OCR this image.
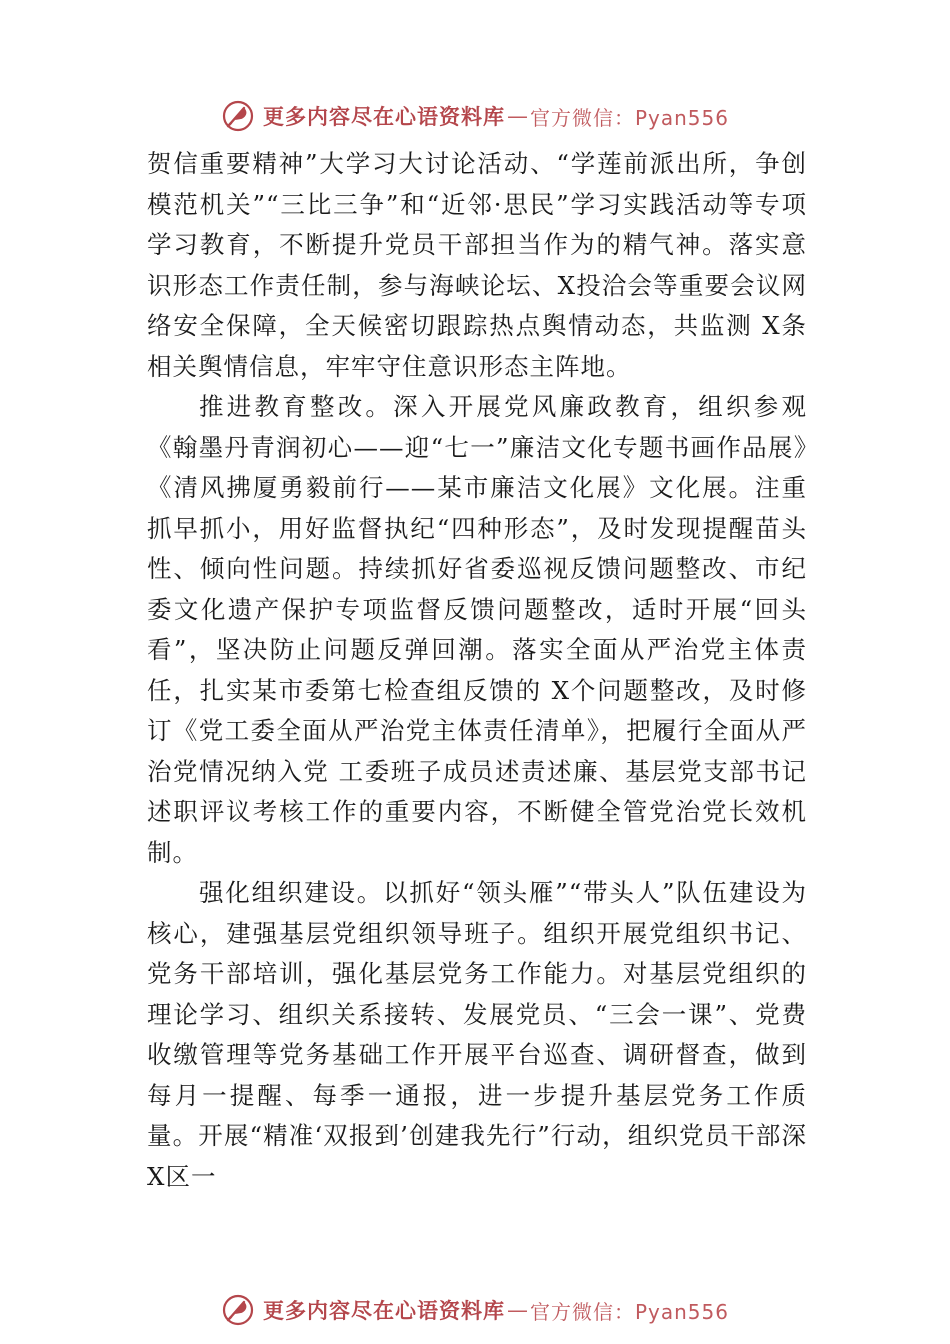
更多内容尽在心语资料库 — 官方微信：Pyan556

贺信重要精神”大学习大讨论活动、“学莲前派出所，争创模范机关”“三比三争”和“近邻·思民”学习实践活动等专项学习教育，不断提升党员干部担当作为的精气神。落实意识形态工作责任制，参与海峡论坛、X投洽会等重要会议网络安全保障，全天候密切跟踪热点舆情动态，共监测 X条相关舆情信息，牢牢守住意识形态主阵地。

推进教育整改。深入开展党风廉政教育，组织参观《翰墨丹青润初心——迎“七一”廉洁文化专题书画作品展》《清风拂厦勇毅前行——某市廉洁文化展》文化展。注重抓早抓小，用好监督执纪“四种形态”，及时发现提醒苗头性、倾向性问题。持续抓好省委巡视反馈问题整改、市纪委文化遗产保护专项监督反馈问题整改，适时开展“回头看”，坚决防止问题反弹回潮。落实全面从严治党主体责任，扎实某市委第七检查组反馈的 X个问题整改，及时修订《党工委全面从严治党主体责任清单》，把履行全面从严治党情况纳入党 工委班子成员述责述廉、基层党支部书记述职评议考核工作的重要内容，不断健全管党治党长效机制。

强化组织建设。以抓好“领头雁”“带头人”队伍建设为核心，建强基层党组织领导班子。组织开展党组织书记、党务干部培训，强化基层党务工作能力。对基层党组织的理论学习、组织关系接转、发展党员、“三会一课”、党费收缴管理等党务基础工作开展平台巡查、调研督查，做到每月一提醒、每季一通报，进一步提升基层党务工作质量。开展“精准‘双报到’创建我先行”行动，组织党员干部深X区一

更多内容尽在心语资料库 — 官方微信：Pyan556
